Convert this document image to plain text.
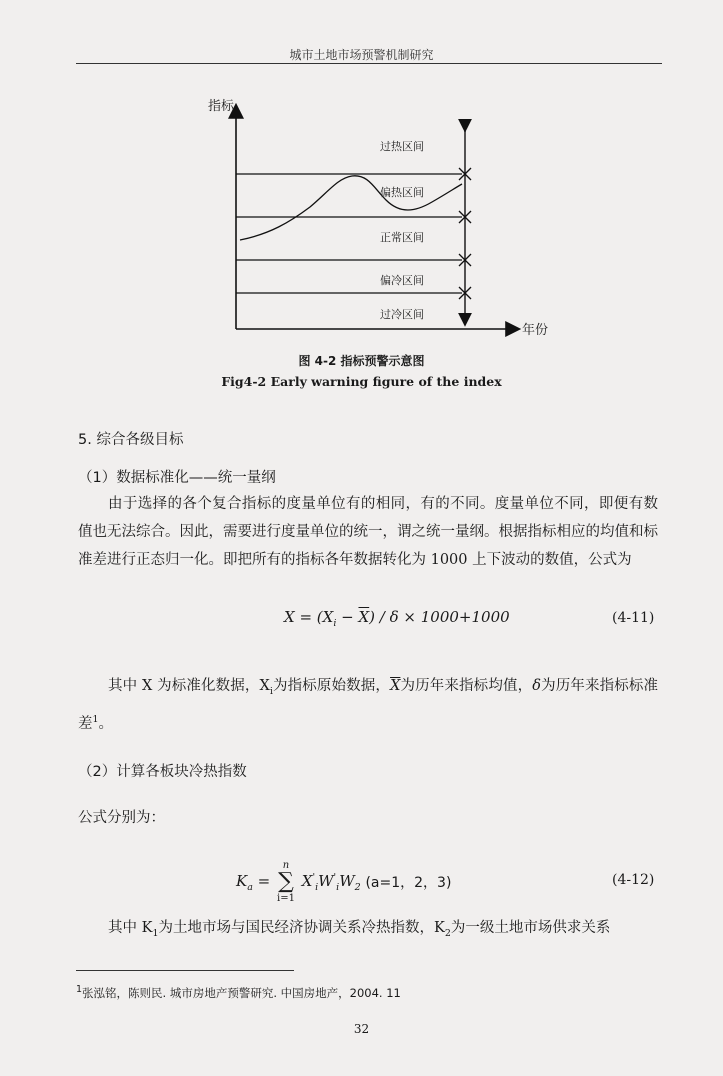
城市土地市场预警机制研究
指标
年份
过热区间
偏热区间
正常区间
偏冷区间
过冷区间
图 4-2 指标预警示意图
Fig4-2 Early warning figure of the index
5. 综合各级目标
（1）数据标准化——统一量纲
由于选择的各个复合指标的度量单位有的相同，有的不同。度量单位不同，即便有数值也无法综合。因此，需要进行度量单位的统一，谓之统一量纲。根据指标相应的均值和标准差进行正态归一化。即把所有的指标各年数据转化为 1000 上下波动的数值，公式为
$X = (X_i - \overline{X}) / \delta \times 1000+1000$	(4-11)
其中 X 为标准化数据，$X_i$为指标原始数据，$\overline{X}$为历年来指标均值，δ为历年来指标标准差$^1$。
（2）计算各板块冷热指数
公式分别为：
$K_a$ =
n
∑
i=1
$X'_iW'_iW_2$ (a=1，2，3)	(4-12)
其中 $K_1$为土地市场与国民经济协调关系冷热指数，$K_2$为一级土地市场供求关系
$^1$张泓铭，陈则民. 城市房地产预警研究. 中国房地产，2004. 11
32
